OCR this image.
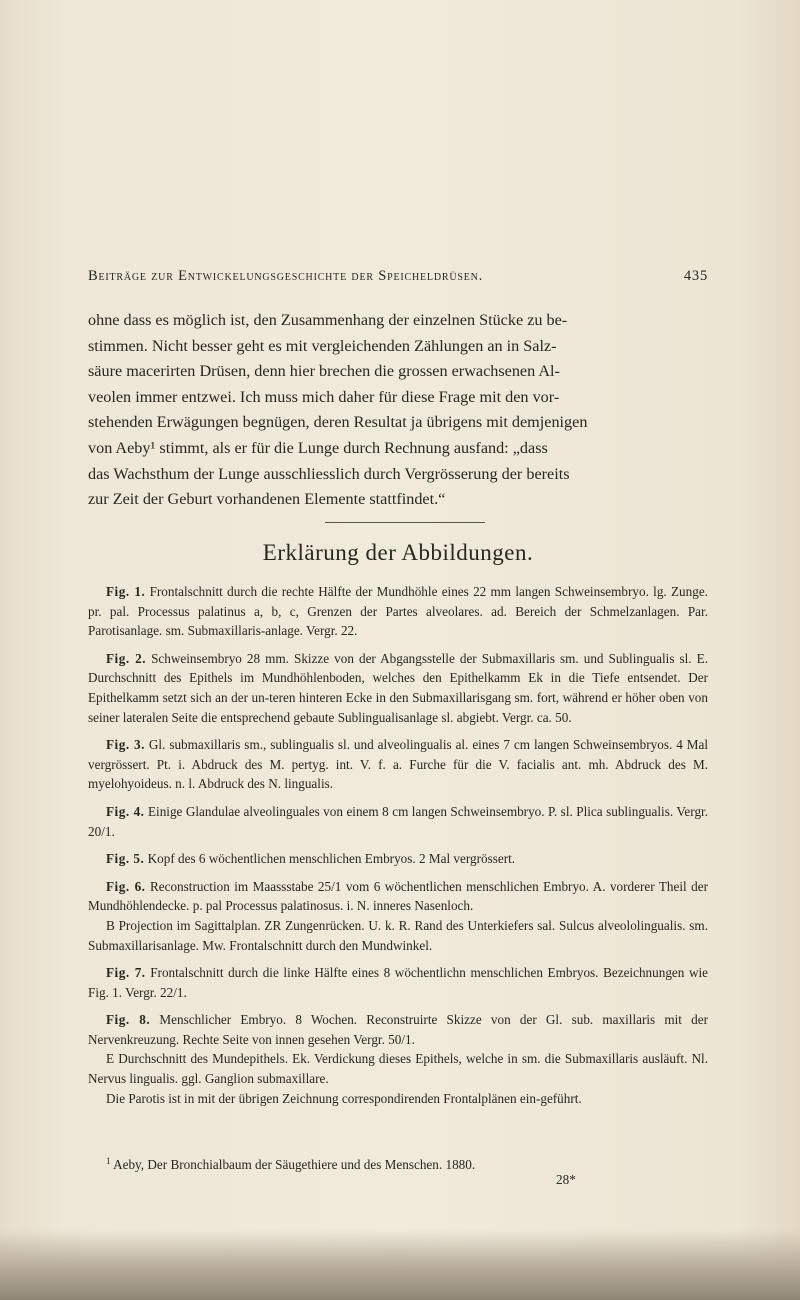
Beiträge zur Entwickelungsgeschichte der Speicheldrüsen.	435
ohne dass es möglich ist, den Zusammenhang der einzelnen Stücke zu be-
stimmen. Nicht besser geht es mit vergleichenden Zählungen an in Salz-
säure macerirten Drüsen, denn hier brechen die grossen erwachsenen Al-
veolen immer entzwei. Ich muss mich daher für diese Frage mit den vor-
stehenden Erwägungen begnügen, deren Resultat ja übrigens mit demjenigen
von Aeby¹ stimmt, als er für die Lunge durch Rechnung ausfand: „dass
das Wachsthum der Lunge ausschliesslich durch Vergrösserung der bereits
zur Zeit der Geburt vorhandenen Elemente stattfindet.“
Erklärung der Abbildungen.

Fig. 1. Frontalschnitt durch die rechte Hälfte der Mundhöhle eines 22 mm langen Schweinsembryo. lg. Zunge. pr. pal. Processus palatinus a, b, c, Grenzen der Partes alveolares. ad. Bereich der Schmelzanlagen. Par. Parotisanlage. sm. Submaxillaris-anlage. Vergr. 22.

Fig. 2. Schweinsembryo 28 mm. Skizze von der Abgangsstelle der Submaxillaris sm. und Sublingualis sl. E. Durchschnitt des Epithels im Mundhöhlenboden, welches den Epithelkamm Ek in die Tiefe entsendet. Der Epithelkamm setzt sich an der un-teren hinteren Ecke in den Submaxillarisgang sm. fort, während er höher oben von seiner lateralen Seite die entsprechend gebaute Sublingualisanlage sl. abgiebt. Vergr. ca. 50.

Fig. 3. Gl. submaxillaris sm., sublingualis sl. und alveolingualis al. eines 7 cm langen Schweinsembryos. 4 Mal vergrössert. Pt. i. Abdruck des M. pertyg. int. V. f. a. Furche für die V. facialis ant. mh. Abdruck des M. myelohyoideus. n. l. Abdruck des N. lingualis.

Fig. 4. Einige Glandulae alveolinguales von einem 8 cm langen Schweinsembryo. P. sl. Plica sublingualis. Vergr. 20/1.

Fig. 5. Kopf des 6 wöchentlichen menschlichen Embryos. 2 Mal vergrössert.

Fig. 6. Reconstruction im Maassstabe 25/1 vom 6 wöchentlichen menschlichen Embryo. A. vorderer Theil der Mundhöhlendecke. p. pal Processus palatinosus. i. N. inneres Nasenloch.

B Projection im Sagittalplan. ZR Zungenrücken. U. k. R. Rand des Unterkiefers sal. Sulcus alveololingualis. sm. Submaxillarisanlage. Mw. Frontalschnitt durch den Mundwinkel.

Fig. 7. Frontalschnitt durch die linke Hälfte eines 8 wöchentlichn menschlichen Embryos. Bezeichnungen wie Fig. 1. Vergr. 22/1.

Fig. 8. Menschlicher Embryo. 8 Wochen. Reconstruirte Skizze von der Gl. sub. maxillaris mit der Nervenkreuzung. Rechte Seite von innen gesehen Vergr. 50/1.

E Durchschnitt des Mundepithels. Ek. Verdickung dieses Epithels, welche in sm. die Submaxillaris ausläuft. Nl. Nervus lingualis. ggl. Ganglion submaxillare.

Die Parotis ist in mit der übrigen Zeichnung correspondirenden Frontalplänen ein-geführt.

$^1$ Aeby, Der Bronchialbaum der Säugethiere und des Menschen. 1880.
28*
